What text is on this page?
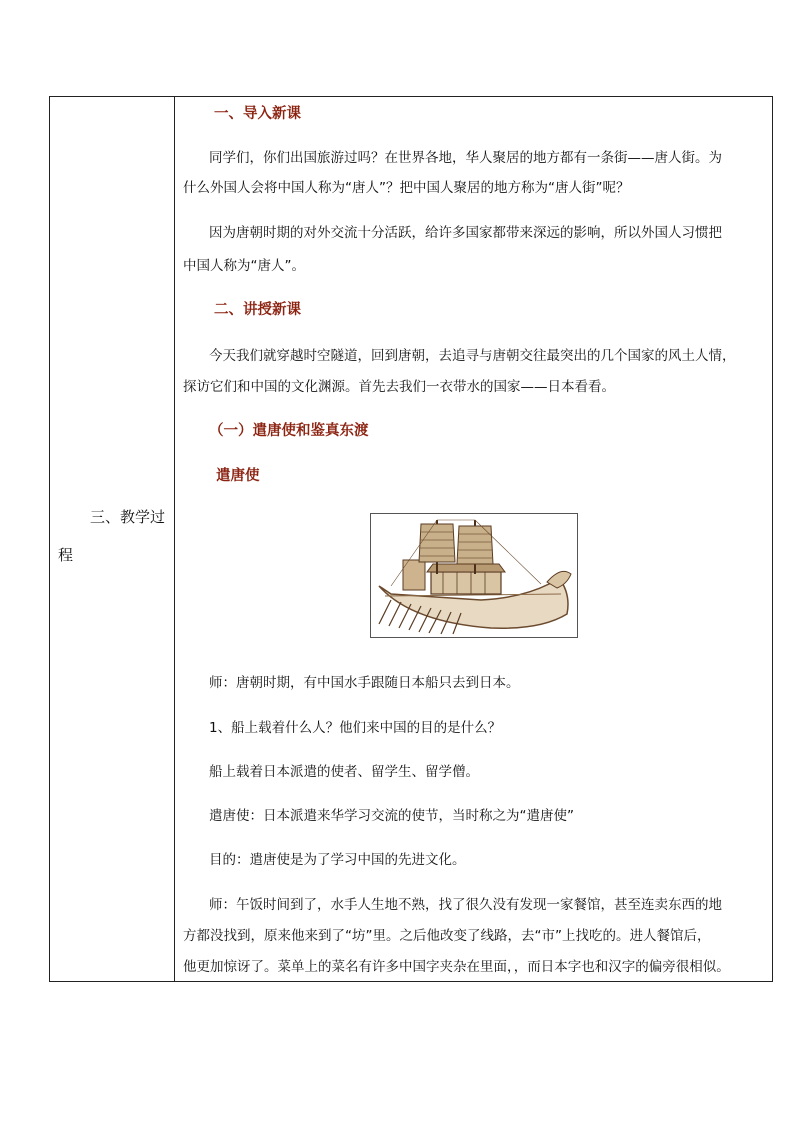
三、教学过
程
一、导入新课
同学们，你们出国旅游过吗？在世界各地，华人聚居的地方都有一条街——唐人街。为
什么外国人会将中国人称为“唐人”？把中国人聚居的地方称为“唐人街”呢？
因为唐朝时期的对外交流十分活跃，给许多国家都带来深远的影响，所以外国人习惯把
中国人称为“唐人”。
二、讲授新课
今天我们就穿越时空隧道，回到唐朝，去追寻与唐朝交往最突出的几个国家的风土人情，
探访它们和中国的文化渊源。首先去我们一衣带水的国家——日本看看。
（一）遣唐使和鉴真东渡
遣唐使
师：唐朝时期，有中国水手跟随日本船只去到日本。
1、船上载着什么人？他们来中国的目的是什么？
船上载着日本派遣的使者、留学生、留学僧。
遣唐使：日本派遣来华学习交流的使节，当时称之为“遣唐使”
目的：遣唐使是为了学习中国的先进文化。
师：午饭时间到了，水手人生地不熟，找了很久没有发现一家餐馆，甚至连卖东西的地
方都没找到，原来他来到了“坊”里。之后他改变了线路，去“市”上找吃的。进人餐馆后，
他更加惊讶了。菜单上的菜名有许多中国字夹杂在里面，，而日本字也和汉字的偏旁很相似。
